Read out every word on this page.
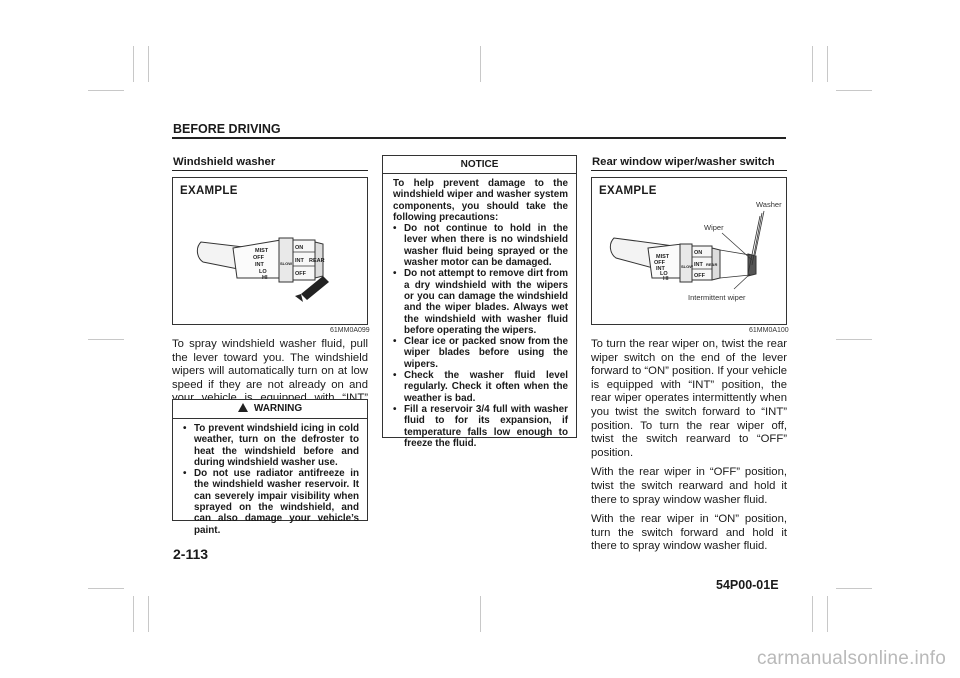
BEFORE DRIVING
Windshield washer
EXAMPLE
MIST
OFF
INT
LO
HI
ON
INT
OFF
REAR
SLOW
61MM0A099

To spray windshield washer fluid, pull the lever toward you. The windshield wipers will automatically turn on at low speed if they are not already on and

WARNING
• To prevent windshield icing in cold weather, turn on the defroster to heat the windshield before and during windshield washer use.
• Do not use radiator antifreeze in the windshield washer reservoir. It can severely impair visibility when sprayed on the windshield, and can also damage your vehicle’s paint.
NOTICE
To help prevent damage to the windshield wiper and washer system components, you should take the following precautions:
• Do not continue to hold in the lever when there is no windshield washer fluid being sprayed or the washer motor can be damaged.
• Do not attempt to remove dirt from a dry windshield with the wipers or you can damage the windshield and the wiper blades. Always wet the windshield with washer fluid before operating the wipers.
• Clear ice or packed snow from the wiper blades before using the wipers.
• Check the washer fluid level regularly. Check it often when the weather is bad.
• Fill a reservoir 3/4 full with washer fluid to for its expansion, if temperature falls low enough to freeze the fluid.
Rear window wiper/washer switch
EXAMPLE
MIST
OFF
INT
LO
HI
ON
INT
OFF
REAR
SLOW
Washer
Wiper
Intermittent wiper
61MM0A100

To turn the rear wiper on, twist the rear wiper switch on the end of the lever forward to “ON” position. If your vehicle is equipped with “INT” position, the rear wiper operates intermittently when you twist the switch forward to “INT” position. To turn the rear wiper off, twist the switch rearward to “OFF” position.

With the rear wiper in “OFF” position, twist the switch rearward and hold it there to spray window washer fluid.

With the rear wiper in “ON” position, turn the switch forward and hold it there to spray window washer fluid.

2-113
54P00-01E
carmanualsonline.info
